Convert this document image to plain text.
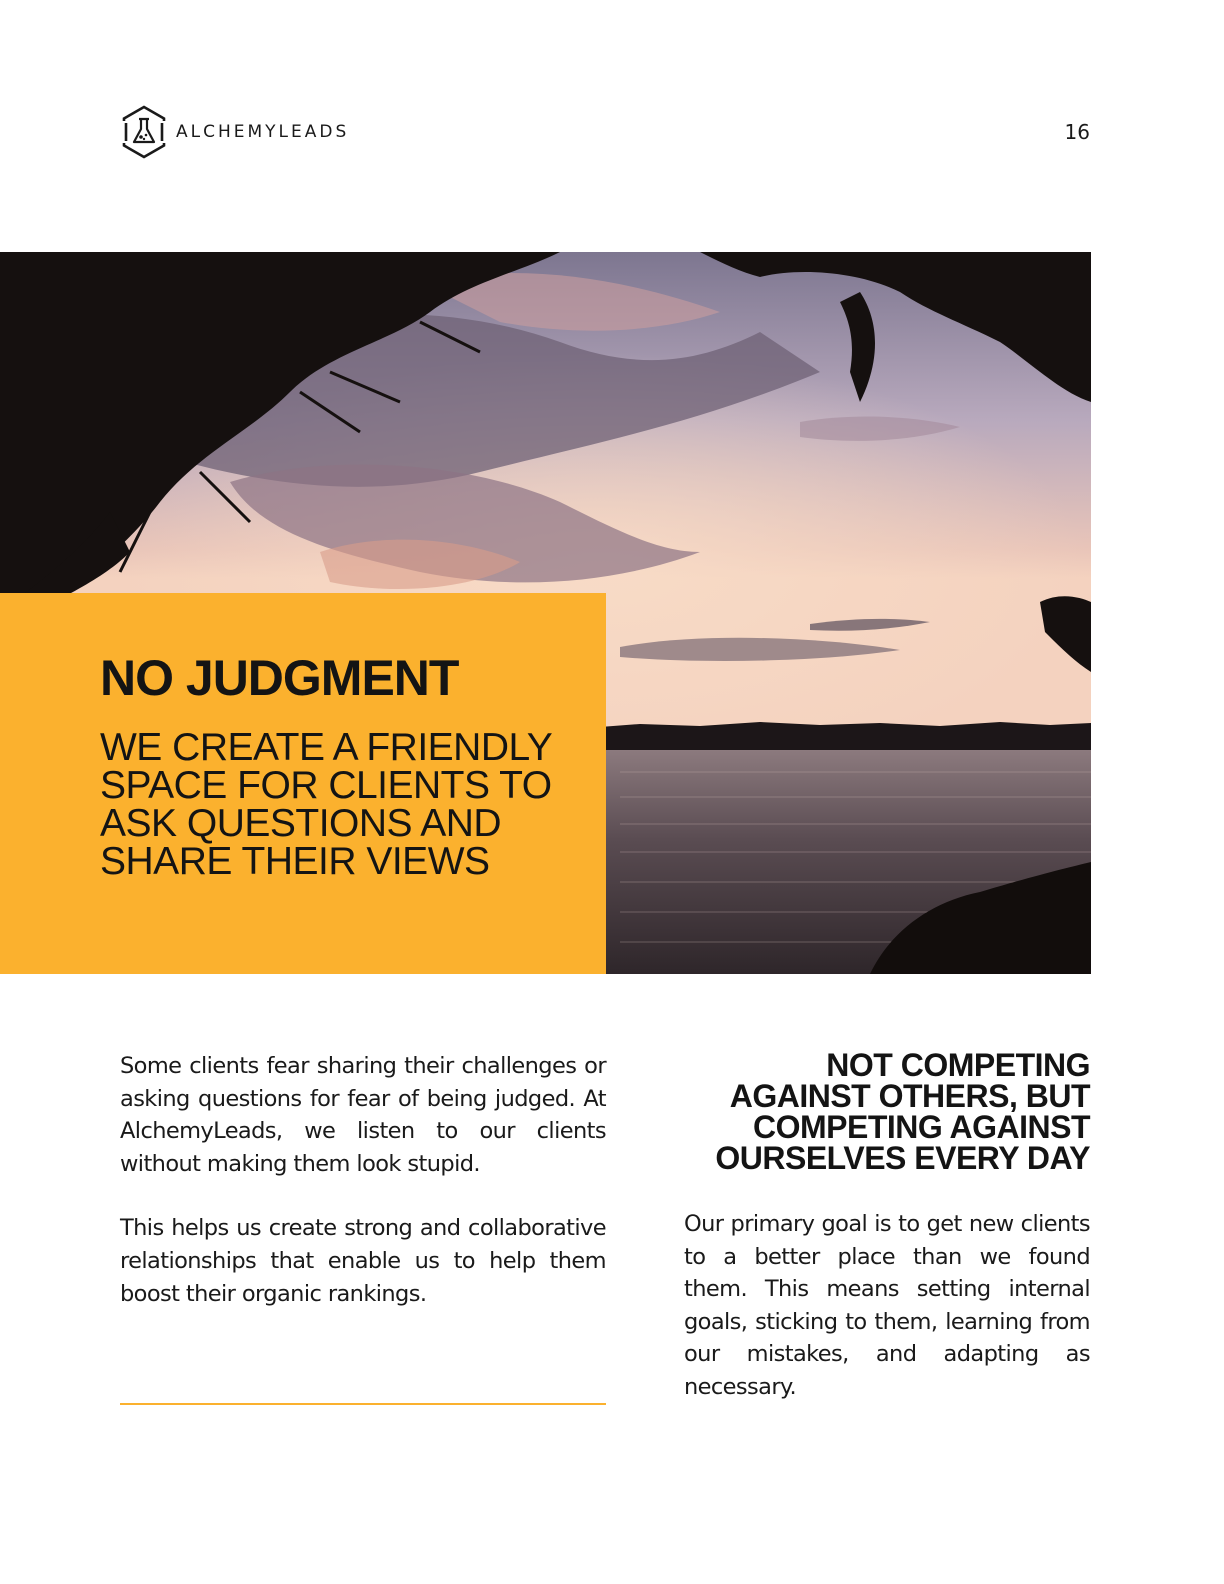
ALCHEMYLEADS	16
NO JUDGMENT
WE CREATE A FRIENDLY SPACE FOR CLIENTS TO ASK QUESTIONS AND SHARE THEIR VIEWS

Some clients fear sharing their challenges or asking questions for fear of being judged. At AlchemyLeads, we listen to our clients without making them look stupid.

This helps us create strong and collaborative relationships that enable us to help them boost their organic rankings.

NOT COMPETING AGAINST OTHERS, BUT COMPETING AGAINST OURSELVES EVERY DAY

Our primary goal is to get new clients to a better place than we found them. This means setting internal goals, sticking to them, learning from our mistakes, and adapting as necessary.
